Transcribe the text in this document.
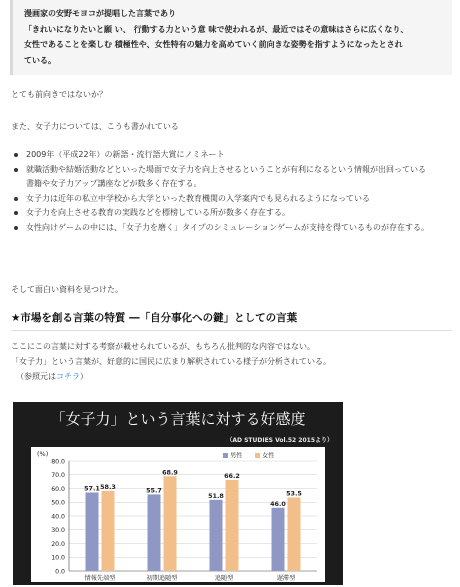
漫画家の安野モヨコが提唱した言葉であり

「きれいになりたいと願 い、 行動する力という意 味で使われるが、最近ではその意味はさらに広くなり、

女性であることを楽しむ 積極性や、女性特有の魅力を高めていく前向きな姿勢を指すようになったとされ

ている。

とても前向きではないか？

また、女子力については、こうも書かれている

2009年（平成22年）の新語・流行語大賞にノミネート
就職活動や結婚活動などといった場面で女子力を向上させるということが有利になるという情報が出回っている
書籍や女子力アップ講座などが数多く存在する。
女子力は近年の私立中学校から大学といった教育機関の入学案内でも見られるようになっている
女子力を向上させる教育の実践などを標榜している所が数多く存在する。
女性向けゲームの中には、「女子力を磨く」タイプのシミュレーションゲームが支持を得ているものが存在する。

そして面白い資料を見つけた。

★市場を創る言葉の特質 ―「自分事化への鍵」としての言葉

ここにこの言葉に対する考察が載せられているが、もちろん批判的な内容ではない。

「女子力」という言葉が、好意的に国民に広まり解釈されている様子が分析されている。

（参照元はコチラ）

「女子力」という言葉に対する好感度

（AD STUDIES Vol.52 2015より）

(%)
0.0
10.0
20.0
30.0
40.0
50.0
60.0
70.0
80.0
57.1 58.3
情報先端型
55.7
68.9
初期追随型
51.8
66.2
追随型
46.0
53.5
遅滞型
男性	女性
